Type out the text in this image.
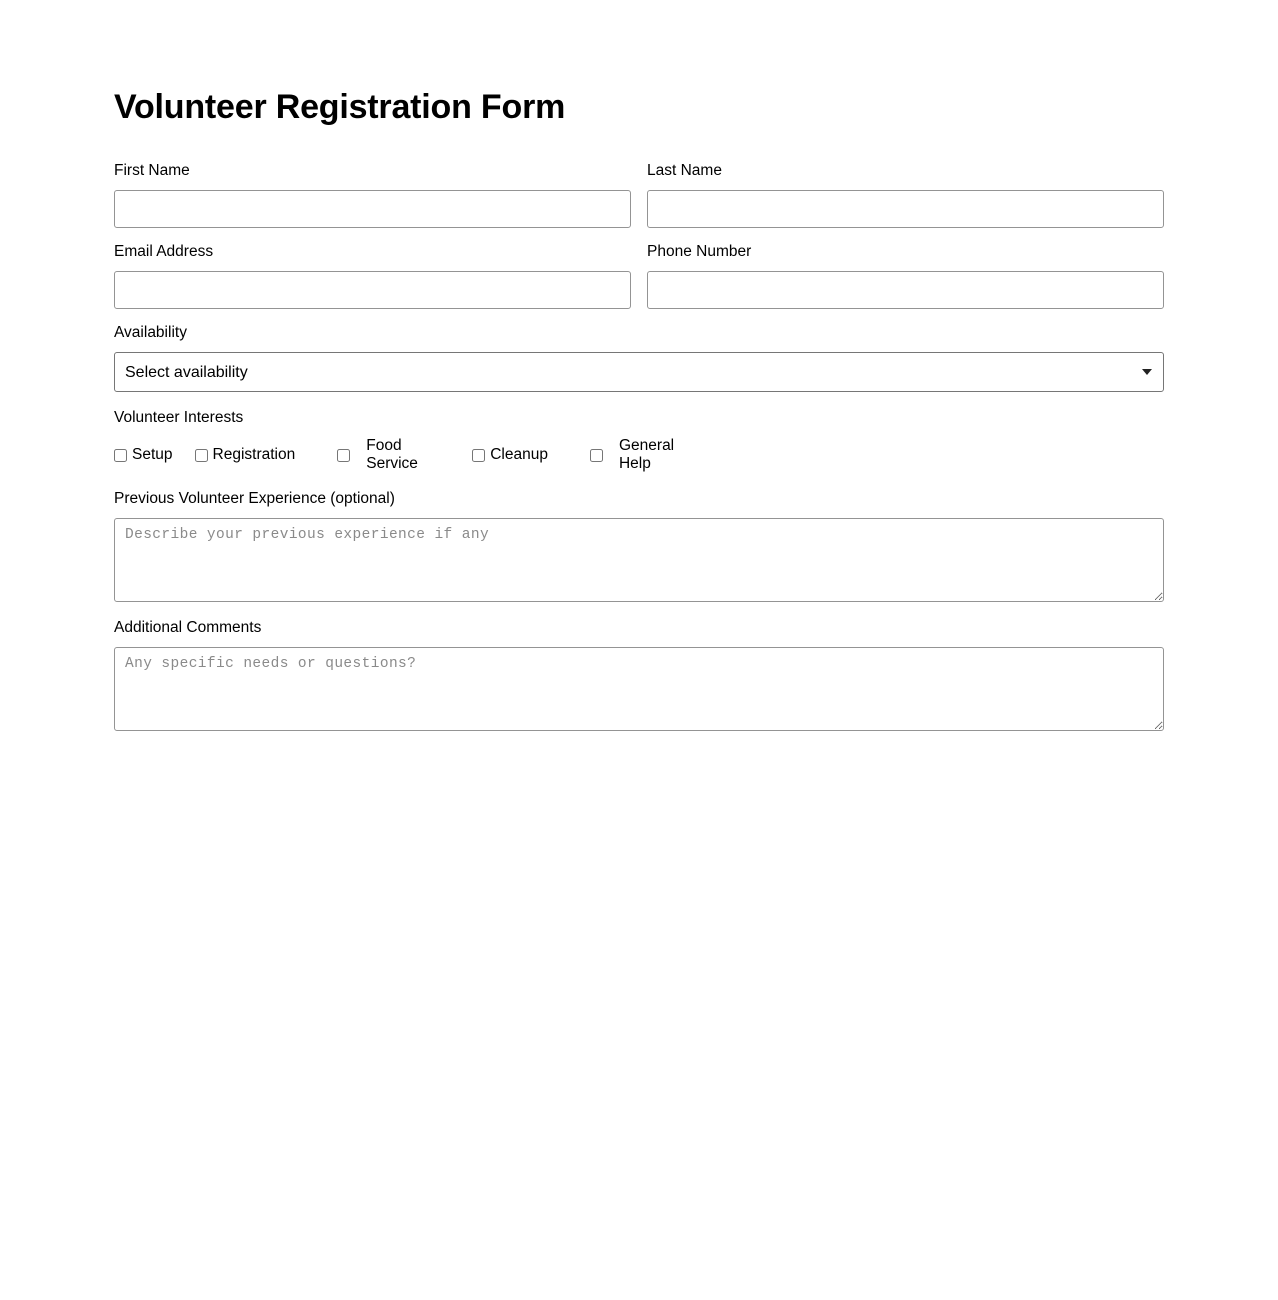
Volunteer Registration Form
First Name	Last Name
Email Address	Phone Number
Availability
Select availability
Volunteer Interests
Setup	Registration
Food Service
Cleanup
General Help
Previous Volunteer Experience (optional)
Describe your previous experience if any
Additional Comments
Any specific needs or questions?
